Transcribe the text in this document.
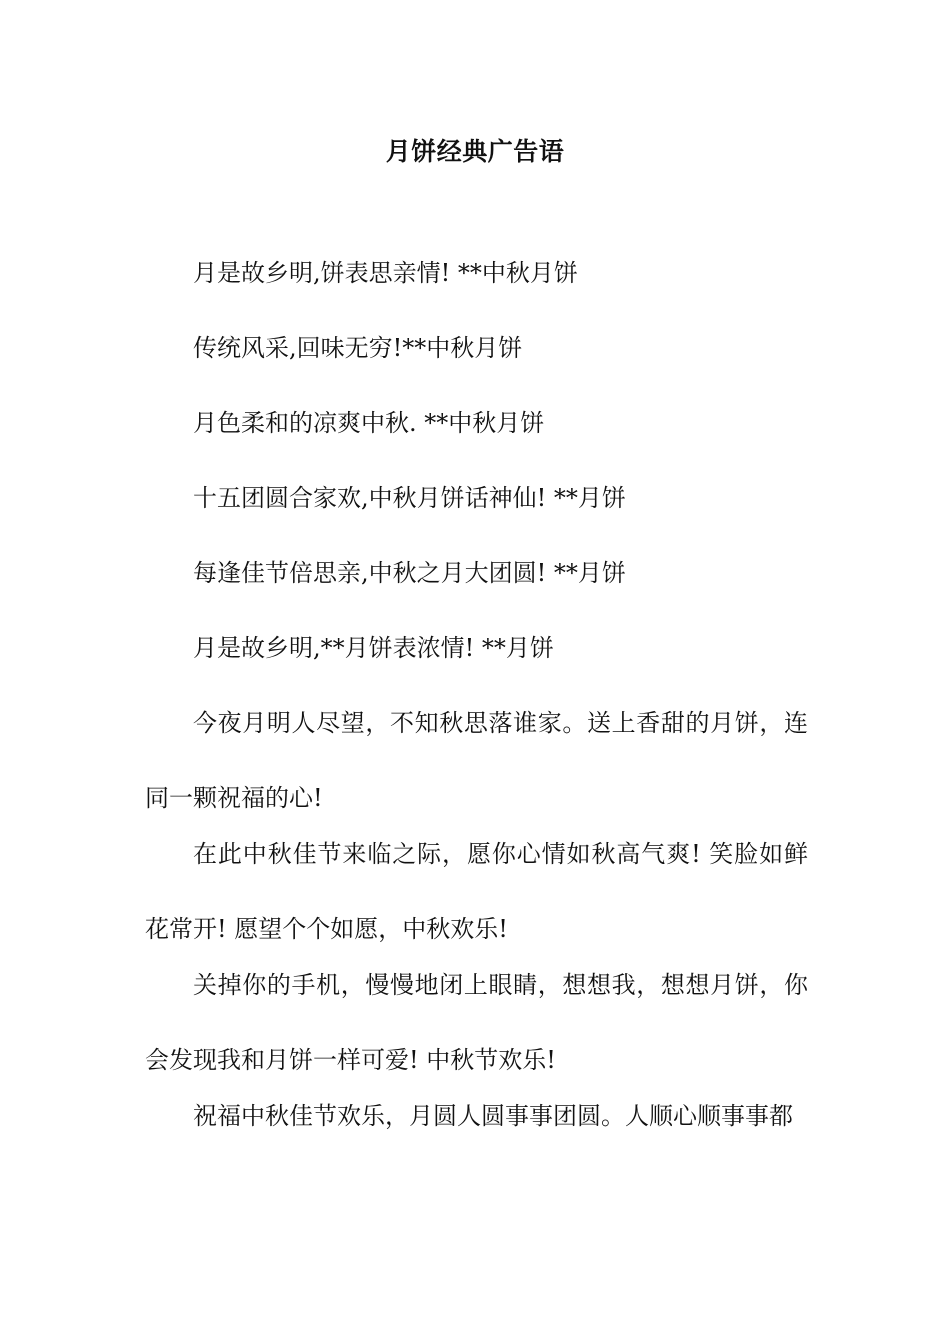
月饼经典广告语

月是故乡明,饼表思亲情! **中秋月饼

传统风采,回味无穷!**中秋月饼

月色柔和的凉爽中秋. **中秋月饼

十五团圆合家欢,中秋月饼话神仙! **月饼

每逢佳节倍思亲,中秋之月大团圆! **月饼

月是故乡明,**月饼表浓情! **月饼

今夜月明人尽望，不知秋思落谁家。送上香甜的月饼，连同一颗祝福的心!

在此中秋佳节来临之际，愿你心情如秋高气爽! 笑脸如鲜花常开! 愿望个个如愿，中秋欢乐!

关掉你的手机，慢慢地闭上眼睛，想想我，想想月饼，你会发现我和月饼一样可爱! 中秋节欢乐!

祝福中秋佳节欢乐，月圆人圆事事团圆。人顺心顺事事都
